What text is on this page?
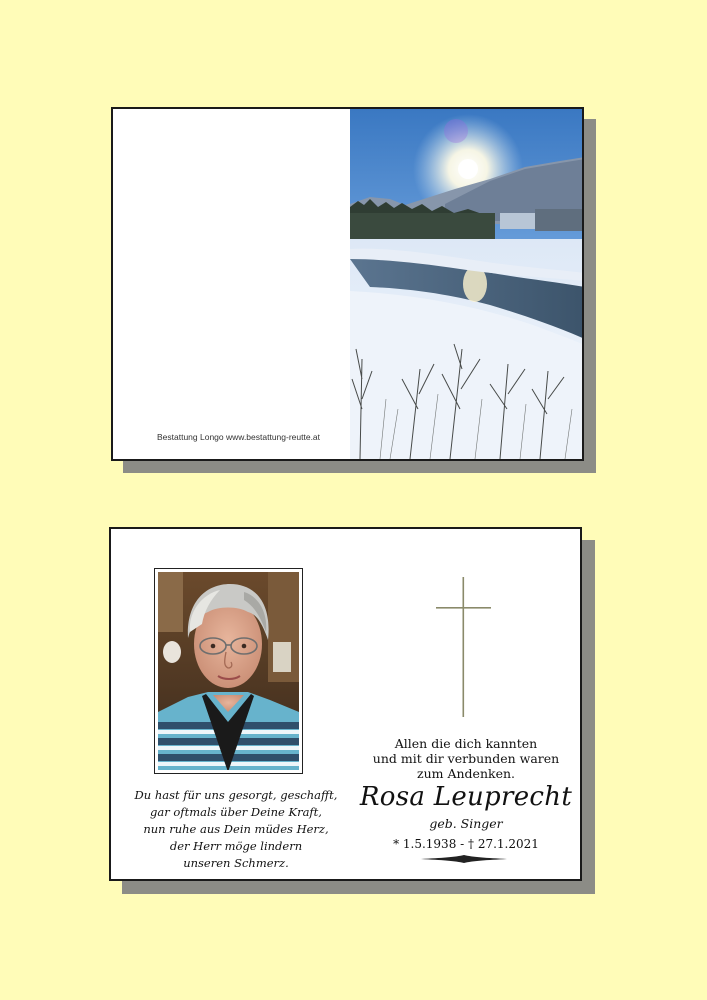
Bestattung Longo www.bestattung-reutte.at
Du hast für uns gesorgt, geschafft,
gar oftmals über Deine Kraft,
nun ruhe aus Dein müdes Herz,
der Herr möge lindern
unseren Schmerz.
Allen die dich kannten
und mit dir verbunden waren
zum Andenken.
Rosa Leuprecht
geb. Singer
* 1.5.1938 - † 27.1.2021
